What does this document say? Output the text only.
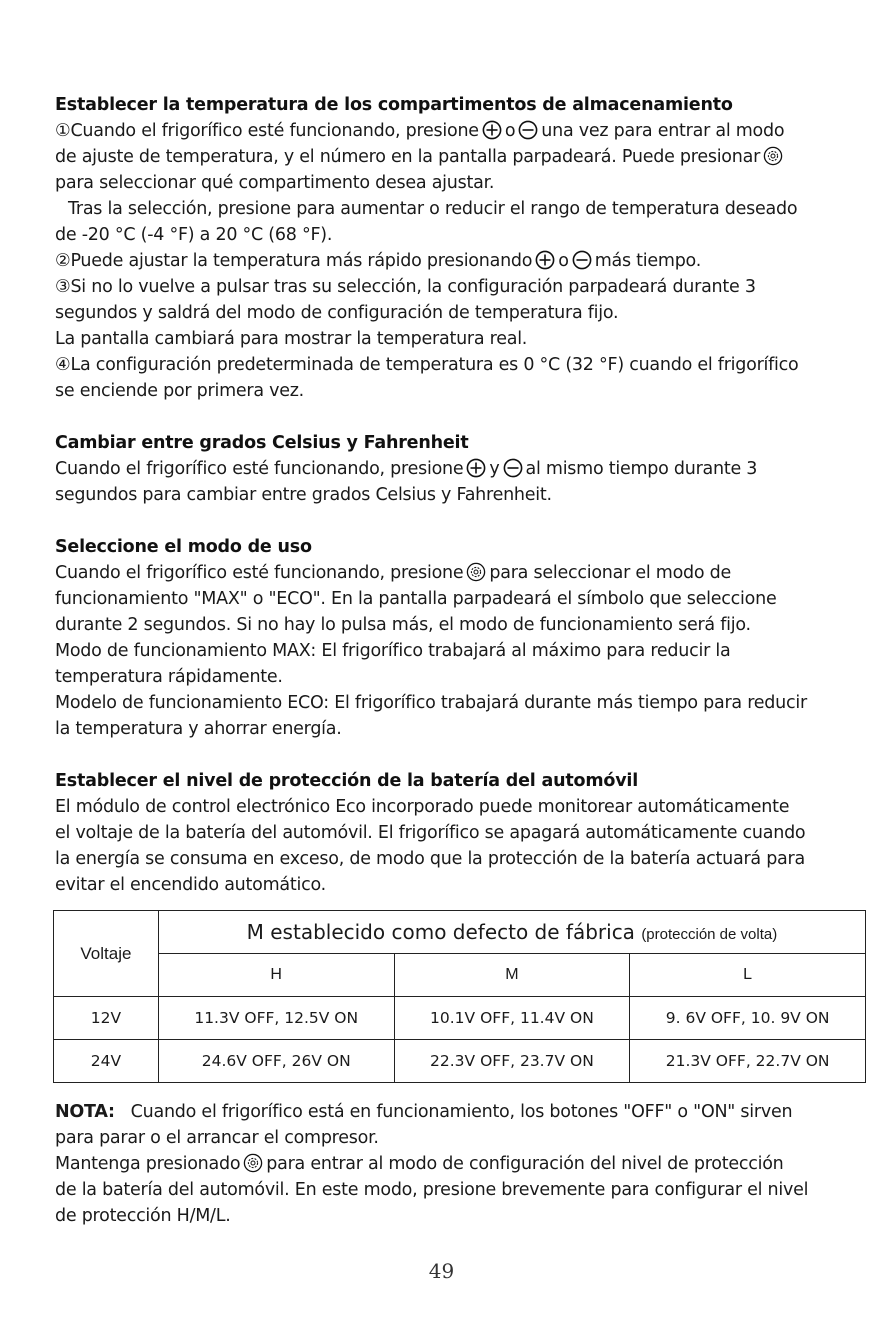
Establecer la temperatura de los compartimentos de almacenamiento

①Cuando el frigorífico esté funcionando, presione o una vez para entrar al modo

de ajuste de temperatura, y el número en la pantalla parpadeará. Puede presionar

para seleccionar qué compartimento desea ajustar.

Tras la selección, presione para aumentar o reducir el rango de temperatura deseado

de -20 °C (-4 °F) a 20 °C (68 °F).

②Puede ajustar la temperatura más rápido presionando o más tiempo.

③Si no lo vuelve a pulsar tras su selección, la configuración parpadeará durante 3

segundos y saldrá del modo de configuración de temperatura fijo.

La pantalla cambiará para mostrar la temperatura real.

④La configuración predeterminada de temperatura es 0 °C (32 °F) cuando el frigorífico

se enciende por primera vez.

Cambiar entre grados Celsius y Fahrenheit

Cuando el frigorífico esté funcionando, presione y al mismo tiempo durante 3

segundos para cambiar entre grados Celsius y Fahrenheit.

Seleccione el modo de uso

Cuando el frigorífico esté funcionando, presione para seleccionar el modo de

funcionamiento "MAX" o "ECO". En la pantalla parpadeará el símbolo que seleccione

durante 2 segundos. Si no hay lo pulsa más, el modo de funcionamiento será fijo.

Modo de funcionamiento MAX: El frigorífico trabajará al máximo para reducir la

temperatura rápidamente.

Modelo de funcionamiento ECO: El frigorífico trabajará durante más tiempo para reducir

la temperatura y ahorrar energía.

Establecer el nivel de protección de la batería del automóvil

El módulo de control electrónico Eco incorporado puede monitorear automáticamente

el voltaje de la batería del automóvil. El frigorífico se apagará automáticamente cuando

la energía se consuma en exceso, de modo que la protección de la batería actuará para

evitar el encendido automático.

Voltaje	M establecido como defecto de fábrica (protección de volta)		
	H	M	L
12V	11.3V OFF, 12.5V ON	10.1V OFF, 11.4V ON	9. 6V OFF, 10. 9V ON
24V	24.6V OFF, 26V ON	22.3V OFF, 23.7V ON	21.3V OFF, 22.7V ON

NOTA: Cuando el frigorífico está en funcionamiento, los botones "OFF" o "ON" sirven

para parar o el arrancar el compresor.

Mantenga presionado para entrar al modo de configuración del nivel de protección

de la batería del automóvil. En este modo, presione brevemente para configurar el nivel

de protección H/M/L.

49
